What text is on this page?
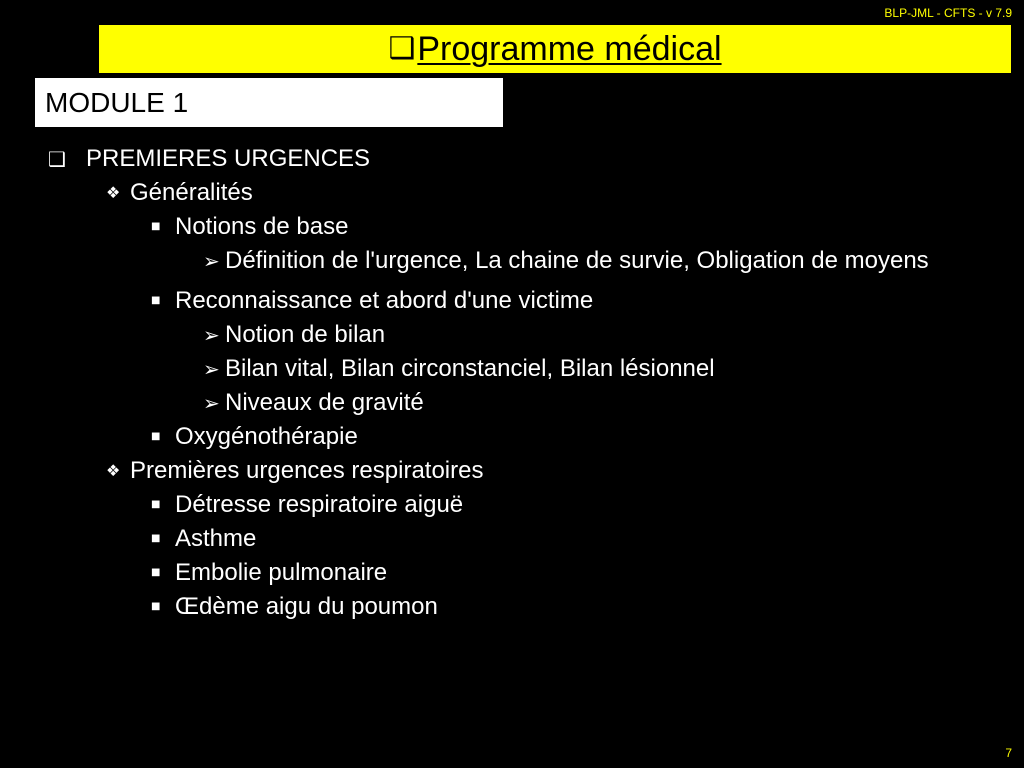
BLP-JML - CFTS - v 7.9
❑ Programme médical
MODULE 1
❑ PREMIERES URGENCES
❖ Généralités
■ Notions de base
➢ Définition de l'urgence, La chaine de survie, Obligation de moyens
■ Reconnaissance et abord d'une victime
➢ Notion de bilan
➢ Bilan vital, Bilan circonstanciel, Bilan lésionnel
➢ Niveaux de gravité
■ Oxygénothérapie
❖ Premières urgences respiratoires
■ Détresse respiratoire aiguë
■ Asthme
■ Embolie pulmonaire
■ Œdème aigu du poumon
7
